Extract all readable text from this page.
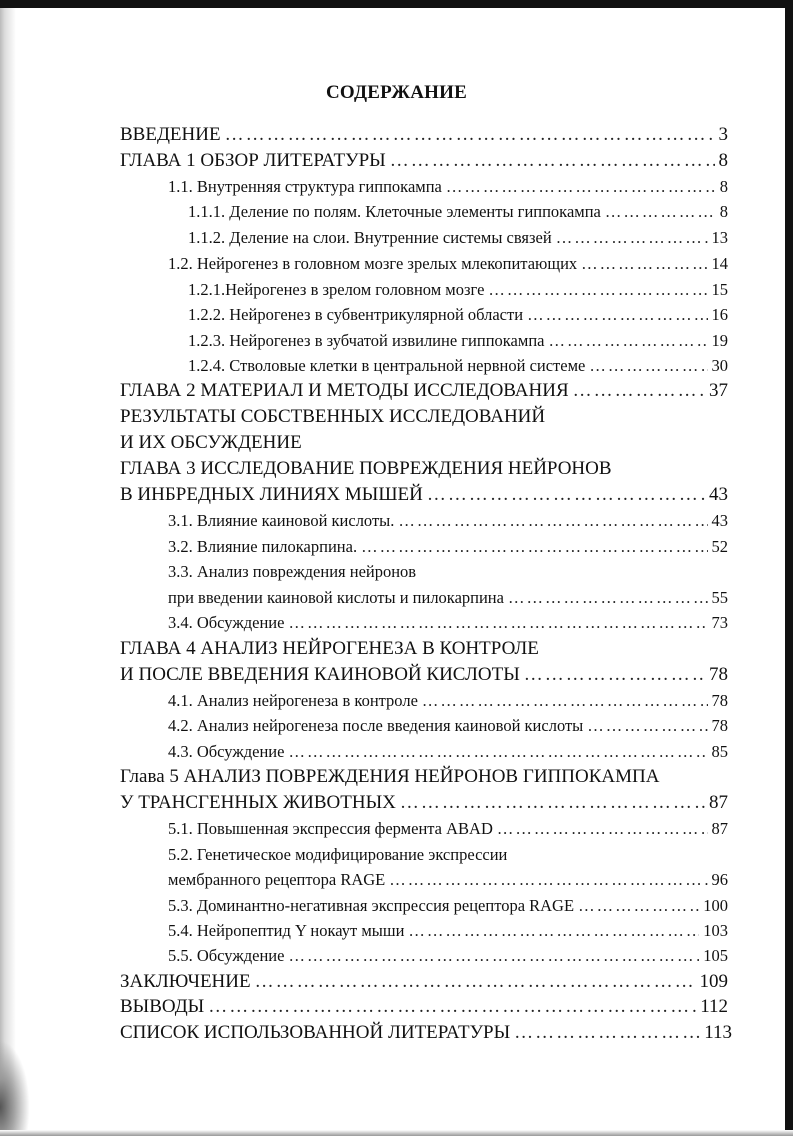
СОДЕРЖАНИЕ
ВВЕДЕНИЕ …………………………………………………………………………………………………………………………………………………………………………	3
ГЛАВА 1 ОБЗОР ЛИТЕРАТУРЫ …………………………………………………………………………………………………………………………………………………………………………	8
1.1. Внутренняя структура гиппокампа …………………………………………………………………………………………………………………………………………………………………………	8
1.1.1. Деление по полям. Клеточные элементы гиппокампа …………………………………………………………………………………………………………………………………………………………………………	8
1.1.2. Деление на слои. Внутренние системы связей …………………………………………………………………………………………………………………………………………………………………………	13
1.2. Нейрогенез в головном мозге зрелых млекопитающих …………………………………………………………………………………………………………………………………………………………………………	14
1.2.1.Нейрогенез в зрелом головном мозге …………………………………………………………………………………………………………………………………………………………………………	15
1.2.2. Нейрогенез в субвентрикулярной области …………………………………………………………………………………………………………………………………………………………………………	16
1.2.3. Нейрогенез в зубчатой извилине гиппокампа …………………………………………………………………………………………………………………………………………………………………………	19
1.2.4. Стволовые клетки в центральной нервной системе …………………………………………………………………………………………………………………………………………………………………………	30
ГЛАВА 2 МАТЕРИАЛ И МЕТОДЫ ИССЛЕДОВАНИЯ …………………………………………………………………………………………………………………………………………………………………………	37
РЕЗУЛЬТАТЫ СОБСТВЕННЫХ ИССЛЕДОВАНИЙ
И ИХ ОБСУЖДЕНИЕ
ГЛАВА 3 ИССЛЕДОВАНИЕ ПОВРЕЖДЕНИЯ НЕЙРОНОВ
В ИНБРЕДНЫХ ЛИНИЯХ МЫШЕЙ …………………………………………………………………………………………………………………………………………………………………………	43
3.1. Влияние каиновой кислоты. …………………………………………………………………………………………………………………………………………………………………………	43
3.2. Влияние пилокарпина. …………………………………………………………………………………………………………………………………………………………………………	52
3.3. Анализ повреждения нейронов
при введении каиновой кислоты и пилокарпина …………………………………………………………………………………………………………………………………………………………………………	55
3.4. Обсуждение …………………………………………………………………………………………………………………………………………………………………………	73
ГЛАВА 4 АНАЛИЗ НЕЙРОГЕНЕЗА В КОНТРОЛЕ
И ПОСЛЕ ВВЕДЕНИЯ КАИНОВОЙ КИСЛОТЫ …………………………………………………………………………………………………………………………………………………………………………	78
4.1. Анализ нейрогенеза в контроле …………………………………………………………………………………………………………………………………………………………………………	78
4.2. Анализ нейрогенеза после введения каиновой кислоты …………………………………………………………………………………………………………………………………………………………………………	78
4.3. Обсуждение …………………………………………………………………………………………………………………………………………………………………………	85
Глава 5 АНАЛИЗ ПОВРЕЖДЕНИЯ НЕЙРОНОВ ГИППОКАМПА
У ТРАНСГЕННЫХ ЖИВОТНЫХ …………………………………………………………………………………………………………………………………………………………………………	87
5.1. Повышенная экспрессия фермента ABAD …………………………………………………………………………………………………………………………………………………………………………	87
5.2. Генетическое модифицирование экспрессии
мембранного рецептора RAGE …………………………………………………………………………………………………………………………………………………………………………	96
5.3. Доминантно-негативная экспрессия рецептора RAGE …………………………………………………………………………………………………………………………………………………………………………	100
5.4. Нейропептид Y нокаут мыши …………………………………………………………………………………………………………………………………………………………………………	103
5.5. Обсуждение …………………………………………………………………………………………………………………………………………………………………………	105
ЗАКЛЮЧЕНИЕ …………………………………………………………………………………………………………………………………………………………………………	109
ВЫВОДЫ …………………………………………………………………………………………………………………………………………………………………………	112
СПИСОК ИСПОЛЬЗОВАННОЙ ЛИТЕРАТУРЫ …………………………………………………………………………………………………………………………………………………………………………	113
